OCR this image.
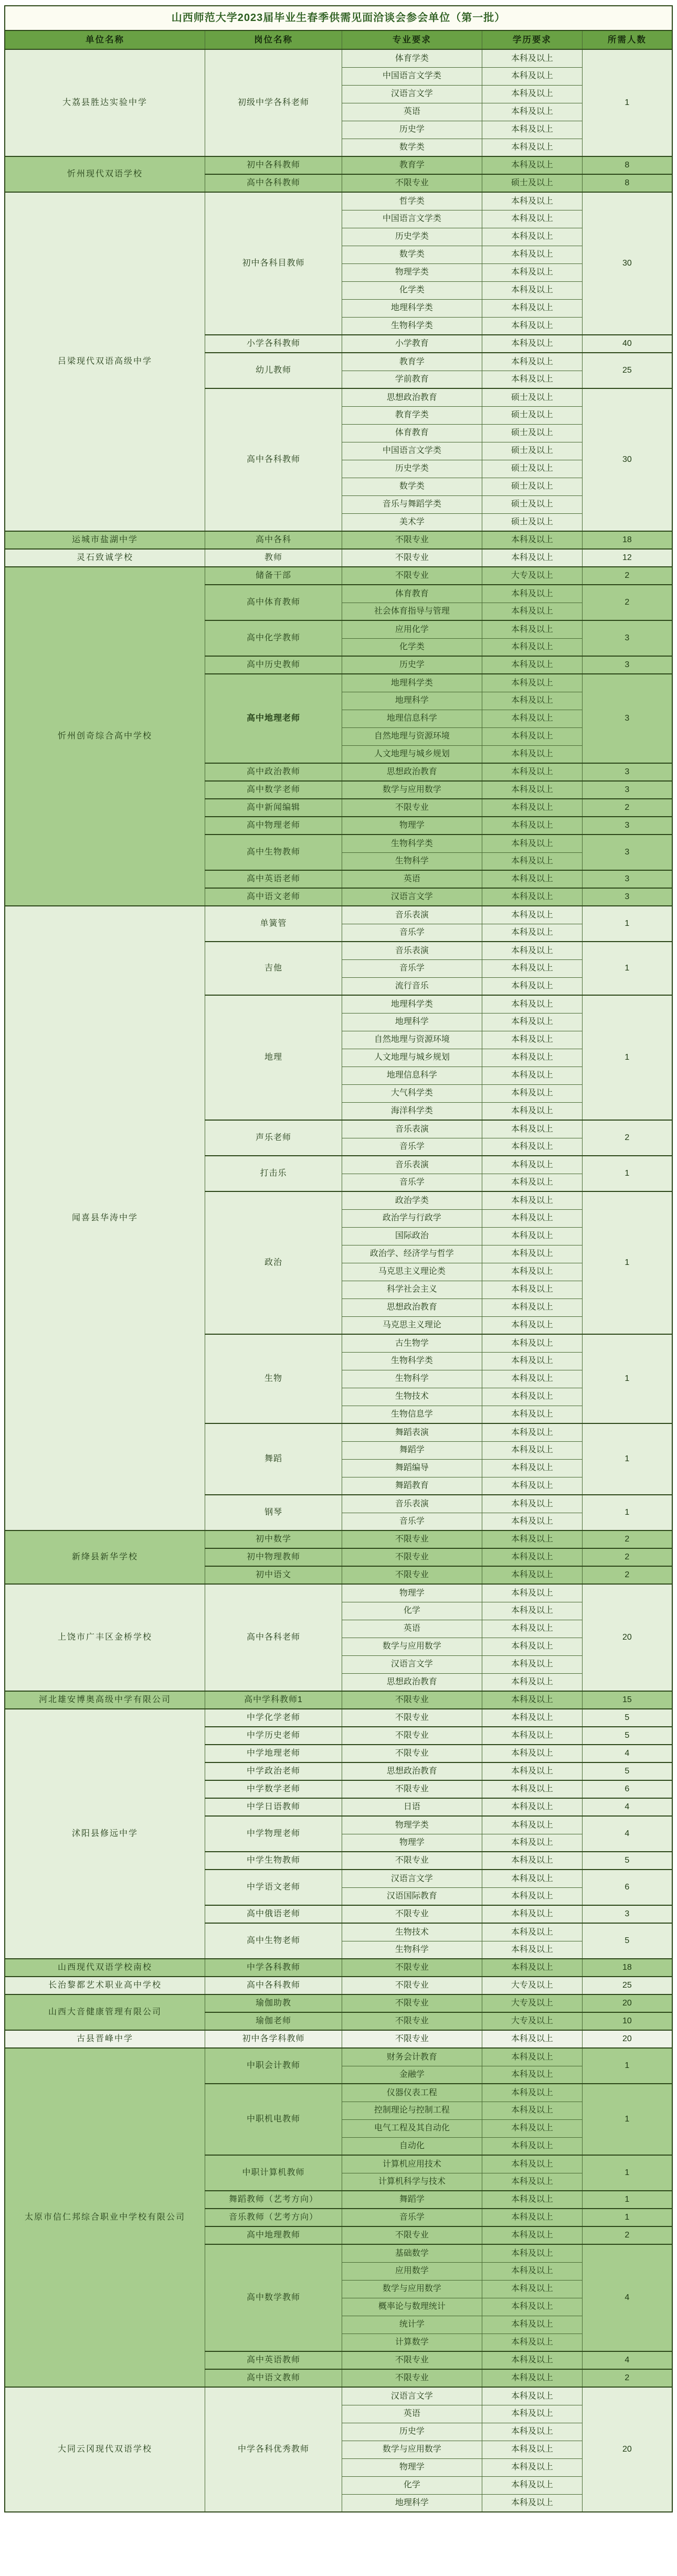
山西师范大学2023届毕业生春季供需见面洽谈会参会单位（第一批）				
单位名称	岗位名称	专业要求	学历要求	所需人数
大荔县胜达实验中学	初级中学各科老师	体育学类	本科及以上	1
		中国语言文学类	本科及以上	
		汉语言文学	本科及以上	
		英语	本科及以上	
		历史学	本科及以上	
		数学类	本科及以上	
忻州现代双语学校	初中各科教师	教育学	本科及以上	8
	高中各科教师	不限专业	硕士及以上	8
吕梁现代双语高级中学	初中各科目教师	哲学类	本科及以上	30
		中国语言文学类	本科及以上	
		历史学类	本科及以上	
		数学类	本科及以上	
		物理学类	本科及以上	
		化学类	本科及以上	
		地理科学类	本科及以上	
		生物科学类	本科及以上	
	小学各科教师	小学教育	本科及以上	40
	幼儿教师	教育学	本科及以上	25
		学前教育	本科及以上	
	高中各科教师	思想政治教育	硕士及以上	30
		教育学类	硕士及以上	
		体育教育	硕士及以上	
		中国语言文学类	硕士及以上	
		历史学类	硕士及以上	
		数学类	硕士及以上	
		音乐与舞蹈学类	硕士及以上	
		美术学	硕士及以上	
运城市盐湖中学	高中各科	不限专业	本科及以上	18
灵石致诚学校	教师	不限专业	本科及以上	12
忻州创奇综合高中学校	储备干部	不限专业	大专及以上	2
	高中体育教师	体育教育	本科及以上	2
		社会体育指导与管理	本科及以上	
	高中化学教师	应用化学	本科及以上	3
		化学类	本科及以上	
	高中历史教师	历史学	本科及以上	3
	高中地理老师	地理科学类	本科及以上	3
		地理科学	本科及以上	
		地理信息科学	本科及以上	
		自然地理与资源环境	本科及以上	
		人文地理与城乡规划	本科及以上	
	高中政治教师	思想政治教育	本科及以上	3
	高中数学老师	数学与应用数学	本科及以上	3
	高中新闻编辑	不限专业	本科及以上	2
	高中物理老师	物理学	本科及以上	3
	高中生物教师	生物科学类	本科及以上	3
		生物科学	本科及以上	
	高中英语老师	英语	本科及以上	3
	高中语文老师	汉语言文学	本科及以上	3
闻喜县华涛中学	单簧管	音乐表演	本科及以上	1
		音乐学	本科及以上	
	吉他	音乐表演	本科及以上	1
		音乐学	本科及以上	
		流行音乐	本科及以上	
	地理	地理科学类	本科及以上	1
		地理科学	本科及以上	
		自然地理与资源环境	本科及以上	
		人文地理与城乡规划	本科及以上	
		地理信息科学	本科及以上	
		大气科学类	本科及以上	
		海洋科学类	本科及以上	
	声乐老师	音乐表演	本科及以上	2
		音乐学	本科及以上	
	打击乐	音乐表演	本科及以上	1
		音乐学	本科及以上	
	政治	政治学类	本科及以上	1
		政治学与行政学	本科及以上	
		国际政治	本科及以上	
		政治学、经济学与哲学	本科及以上	
		马克思主义理论类	本科及以上	
		科学社会主义	本科及以上	
		思想政治教育	本科及以上	
		马克思主义理论	本科及以上	
	生物	古生物学	本科及以上	1
		生物科学类	本科及以上	
		生物科学	本科及以上	
		生物技术	本科及以上	
		生物信息学	本科及以上	
	舞蹈	舞蹈表演	本科及以上	1
		舞蹈学	本科及以上	
		舞蹈编导	本科及以上	
		舞蹈教育	本科及以上	
	钢琴	音乐表演	本科及以上	1
		音乐学	本科及以上	
新绛县新华学校	初中数学	不限专业	本科及以上	2
	初中物理教师	不限专业	本科及以上	2
	初中语文	不限专业	本科及以上	2
上饶市广丰区金桥学校	高中各科老师	物理学	本科及以上	20
		化学	本科及以上	
		英语	本科及以上	
		数学与应用数学	本科及以上	
		汉语言文学	本科及以上	
		思想政治教育	本科及以上	
河北雄安博奥高级中学有限公司	高中学科教师1	不限专业	本科及以上	15
沭阳县修远中学	中学化学老师	不限专业	本科及以上	5
	中学历史老师	不限专业	本科及以上	5
	中学地理老师	不限专业	本科及以上	4
	中学政治老师	思想政治教育	本科及以上	5
	中学数学老师	不限专业	本科及以上	6
	中学日语教师	日语	本科及以上	4
	中学物理老师	物理学类	本科及以上	4
		物理学	本科及以上	
	中学生物教师	不限专业	本科及以上	5
	中学语文老师	汉语言文学	本科及以上	6
		汉语国际教育	本科及以上	
	高中俄语老师	不限专业	本科及以上	3
	高中生物老师	生物技术	本科及以上	5
		生物科学	本科及以上	
山西现代双语学校南校	中学各科教师	不限专业	本科及以上	18
长治黎都艺术职业高中学校	高中各科教师	不限专业	大专及以上	25
山西大音健康管理有限公司	瑜伽助教	不限专业	大专及以上	20
	瑜伽老师	不限专业	大专及以上	10
古县晋峰中学	初中各学科教师	不限专业	本科及以上	20
太原市信仁邦综合职业中学校有限公司	中职会计教师	财务会计教育	本科及以上	1
		金融学	本科及以上	
	中职机电教师	仪器仪表工程	本科及以上	1
		控制理论与控制工程	本科及以上	
		电气工程及其自动化	本科及以上	
		自动化	本科及以上	
	中职计算机教师	计算机应用技术	本科及以上	1
		计算机科学与技术	本科及以上	
	舞蹈教师（艺考方向）	舞蹈学	本科及以上	1
	音乐教师（艺考方向）	音乐学	本科及以上	1
	高中地理教师	不限专业	本科及以上	2
	高中数学教师	基础数学	本科及以上	4
		应用数学	本科及以上	
		数学与应用数学	本科及以上	
		概率论与数理统计	本科及以上	
		统计学	本科及以上	
		计算数学	本科及以上	
	高中英语教师	不限专业	本科及以上	4
	高中语文教师	不限专业	本科及以上	2
大同云冈现代双语学校	中学各科优秀教师	汉语言文学	本科及以上	20
		英语	本科及以上	
		历史学	本科及以上	
		数学与应用数学	本科及以上	
		物理学	本科及以上	
		化学	本科及以上	
		地理科学	本科及以上	
